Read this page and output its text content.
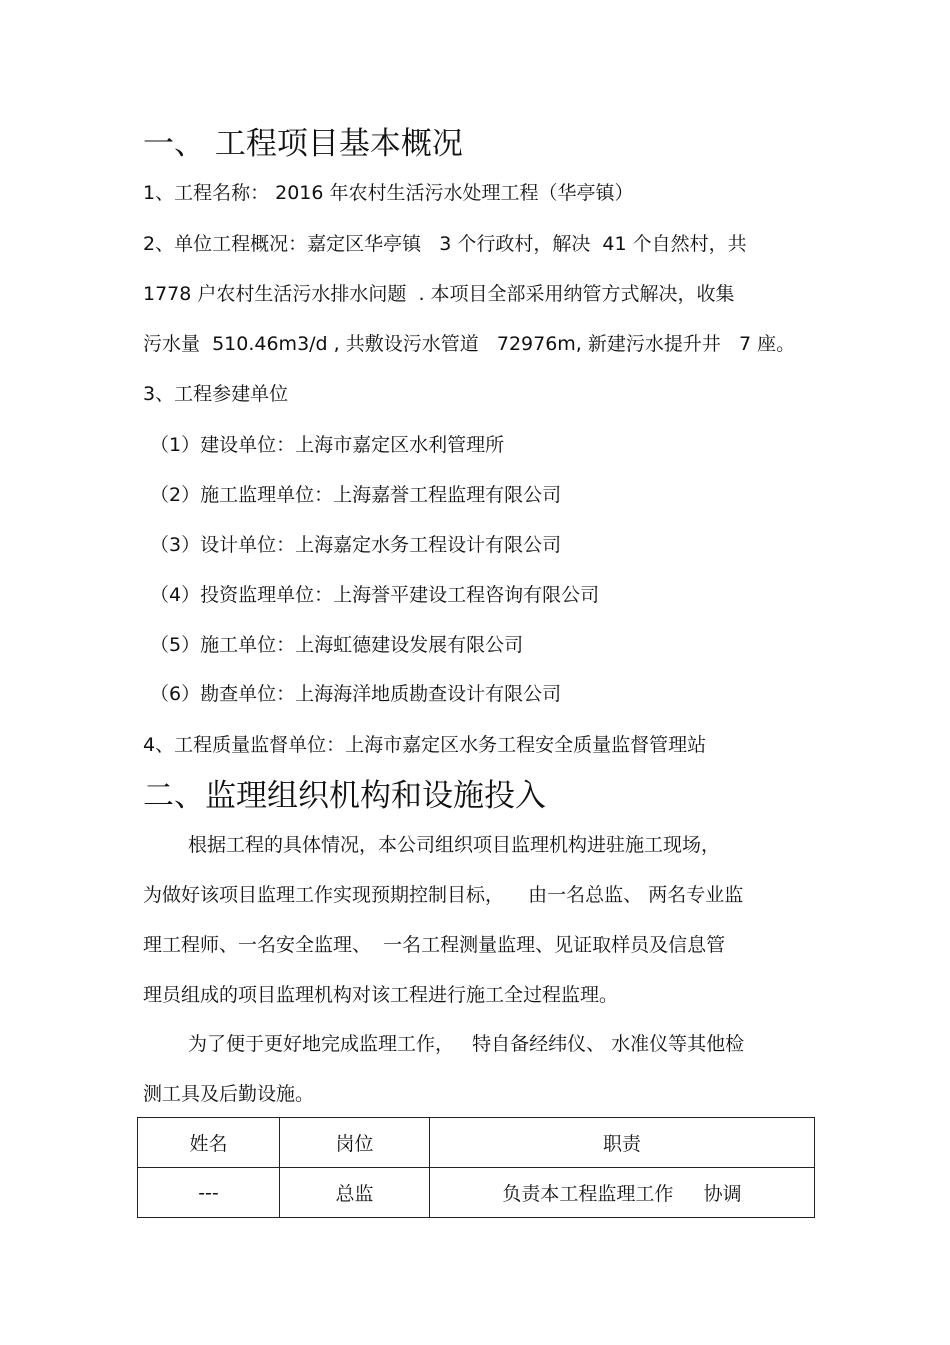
一、 工程项目基本概况
1、工程名称： 2016 年农村生活污水处理工程（华亭镇）
2、单位工程概况：嘉定区华亭镇   3 个行政村，解决  41 个自然村，共
1778 户农村生活污水排水问题  . 本项目全部采用纳管方式解决，收集
污水量  510.46m3/d , 共敷设污水管道   72976m, 新建污水提升井   7 座。
3、工程参建单位
（1）建设单位：上海市嘉定区水利管理所
（2）施工监理单位：上海嘉誉工程监理有限公司
（3）设计单位：上海嘉定水务工程设计有限公司
（4）投资监理单位：上海誉平建设工程咨询有限公司
（5）施工单位：上海虹德建设发展有限公司
（6）勘查单位：上海海洋地质勘查设计有限公司
4、工程质量监督单位：上海市嘉定区水务工程安全质量监督管理站
二、监理组织机构和设施投入
根据工程的具体情况，本公司组织项目监理机构进驻施工现场，
为做好该项目监理工作实现预期控制目标，    由一名总监、 两名专业监
理工程师、一名安全监理、  一名工程测量监理、见证取样员及信息管
理员组成的项目监理机构对该工程进行施工全过程监理。
为了便于更好地完成监理工作，   特自备经纬仪、 水准仪等其他检
测工具及后勤设施。
姓名	岗位	职责
---	总监	负责本工程监理工作     协调
